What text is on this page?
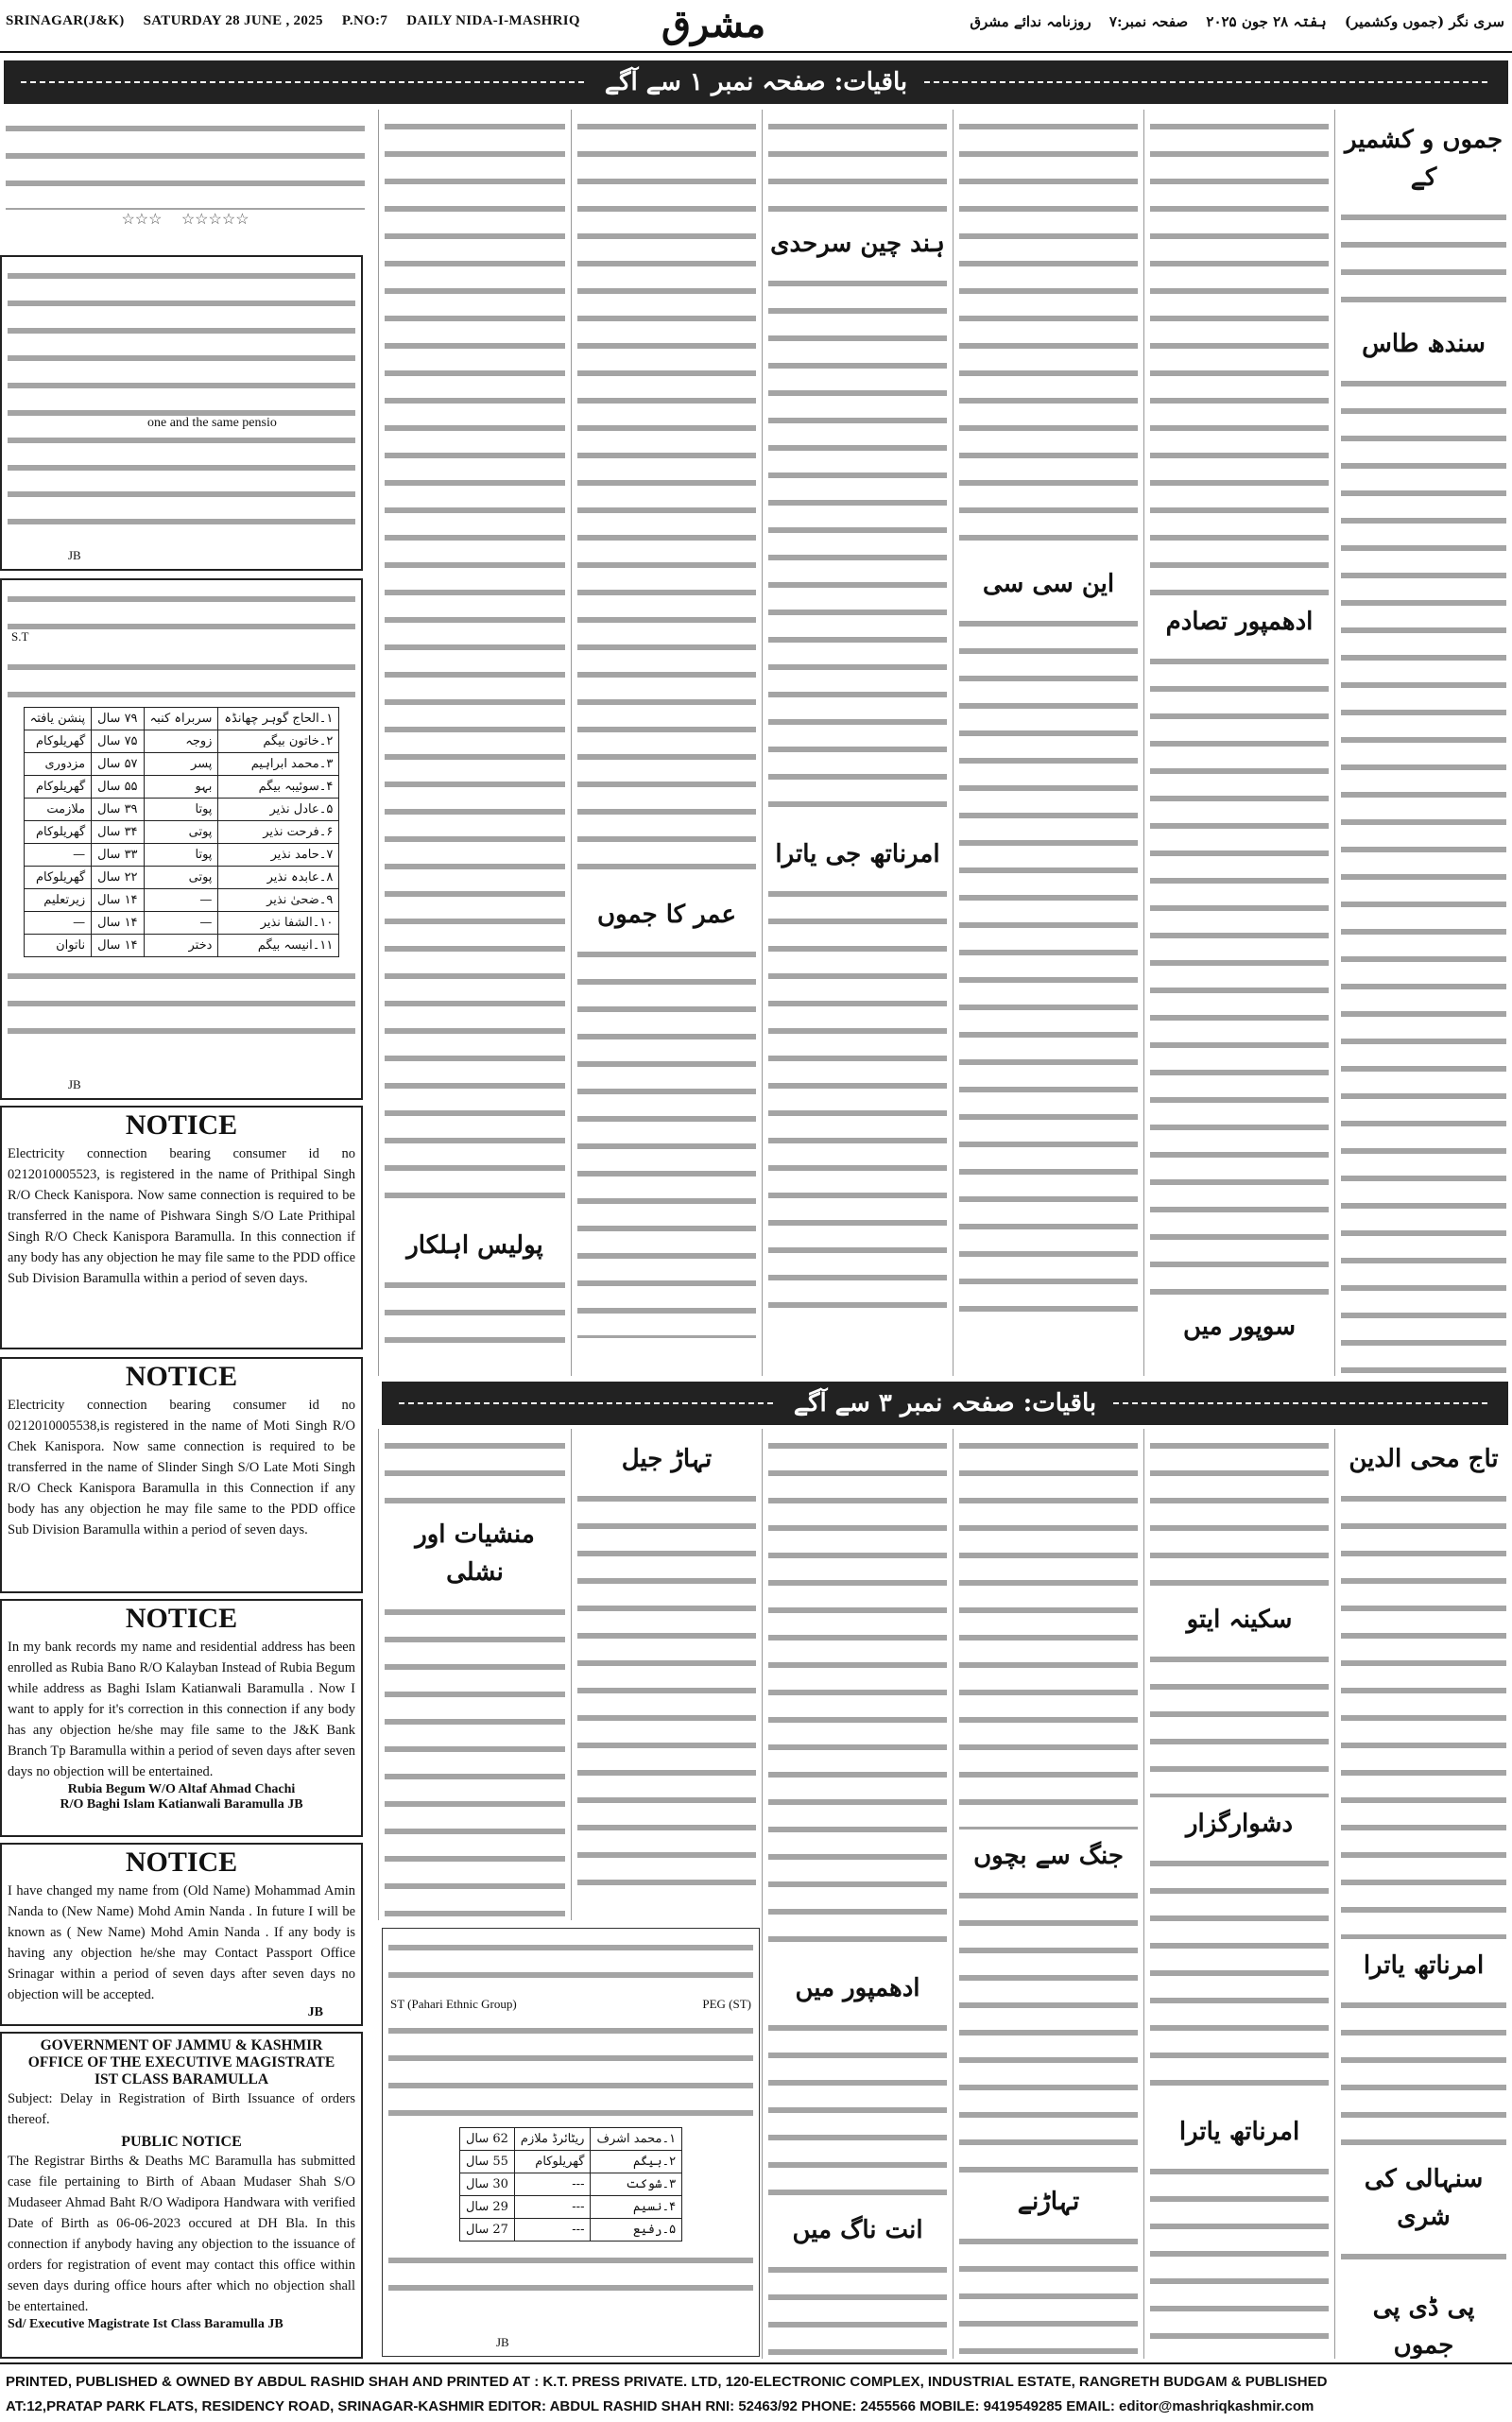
SRINAGAR(J&K) SATURDAY 28 JUNE , 2025 P.NO:7 DAILY NIDA-I-MASHRIQ	مشرق	سری نگر (جموں وکشمیر) ہفتہ ۲۸ جون ۲۰۲۵ صفحہ نمبر:۷ روزنامہ ندائے مشرق
باقیات: صفحہ نمبر ۱ سے آگے
☆☆☆☆☆    ☆☆☆
one and the same pensio
JB
S.T
۱۔الحاج گوہر چھانڈہ	سربراہ کنبہ	۷۹ سال	پنشن یافتہ
۲۔خاتون بیگم	زوجہ	۷۵ سال	گھریلوکام
۳۔محمد ابراہیم	پسر	۵۷ سال	مزدوری
۴۔سوئیبہ بیگم	بہو	۵۵ سال	گھریلوکام
۵۔عادل نذیر	پوتا	۳۹ سال	ملازمت
۶۔فرحت نذیر	پوتی	۳۴ سال	گھریلوکام
۷۔حامد نذیر	پوتا	۳۳ سال	—
۸۔عابدہ نذیر	پوتی	۲۲ سال	گھریلوکام
۹۔ضحیٰ نذیر	—	۱۴ سال	زیرتعلیم
۱۰۔الشفا نذیر	—	۱۴ سال	—
۱۱۔انیسہ بیگم	دختر	۱۴ سال	ناتوان
JB
NOTICE
Electricity connection bearing consumer id no 0212010005523, is registered in the name of Prithipal Singh R/O Check Kanispora. Now same connection is required to be transferred in the name of Pishwara Singh S/O Late Prithipal Singh R/O Check Kanispora Baramulla. In this connection if any body has any objection he may file same to the PDD office Sub Division Baramulla within a period of seven days.
NOTICE
Electricity connection bearing consumer id no 0212010005538,is registered in the name of Moti Singh R/O Chek Kanispora. Now same connection is required to be transferred in the name of Slinder Singh S/O Late Moti Singh R/O Check Kanispora Baramulla in this Connection if any body has any objection he may file same to the PDD office Sub Division Baramulla within a period of seven days.
NOTICE
In my bank records my name and residential address has been enrolled as Rubia Bano R/O Kalayban Instead of Rubia Begum while address as Baghi Islam Katianwali Baramulla . Now I want to apply for it's correction in this connection if any body has any objection he/she may file same to the J&K Bank Branch Tp Baramulla within a period of seven days after seven days no objection will be entertained.
Rubia Begum W/O Altaf Ahmad Chachi
R/O Baghi Islam Katianwali Baramulla JB
NOTICE
I have changed my name from (Old Name) Mohammad Amin Nanda to (New Name) Mohd Amin Nanda . In future I will be known as ( New Name) Mohd Amin Nanda . If any body is having any objection he/she may Contact Passport Office Srinagar within a period of seven days after seven days no objection will be accepted.
JB
GOVERNMENT OF JAMMU & KASHMIR
OFFICE OF THE EXECUTIVE MAGISTRATE
IST CLASS BARAMULLA
Subject: Delay in Registration of Birth Issuance of orders thereof.
PUBLIC NOTICE
The Registrar Births & Deaths MC Baramulla has submitted case file pertaining to Birth of Abaan Mudaser Shah S/O Mudaseer Ahmad Baht R/O Wadipora Handwara with verified Date of Birth as 06-06-2023 occured at DH Bla. In this connection if anybody having any objection to the issuance of orders for registration of event may contact this office within seven days during office hours after which no objection shall be entertained.
Sd/ Executive Magistrate Ist Class Baramulla JB
جموں و کشمیر کے
سندھ طاس
ادھمپور تصادم
سوپور میں
این سی سی
ہند چین سرحدی
امرناتھ جی یاترا
عمر کا جموں
پولیس اہلکار
باقیات: صفحہ نمبر ۳ سے آگے
تاج محی الدین
امرناتھ یاترا
سنہالی کی شری
پی ڈی پی جموں
سکینہ ایتو
دشوارگزار
امرناتھ یاترا
جنگ سے بچوں
تہاڑنے
ادھمپور میں
انت ناگ میں
تہاڑ جیل
منشیات اور نشلی
ST (Pahari Ethnic Group)	PEG (ST)
۱۔محمد اشرف	ریٹائرڈ ملازم	62 سال
۲۔بیگم	گھریلوکام	55 سال
۳۔شوکت	---	30 سال
۴۔نسیم	---	29 سال
۵۔رفیع	---	27 سال
JB
PRINTED, PUBLISHED & OWNED BY ABDUL RASHID SHAH AND PRINTED AT : K.T. PRESS PRIVATE. LTD, 120-ELECTRONIC COMPLEX, INDUSTRIAL ESTATE, RANGRETH BUDGAM & PUBLISHED
AT:12,PRATAP PARK FLATS, RESIDENCY ROAD, SRINAGAR-KASHMIR EDITOR: ABDUL RASHID SHAH RNI: 52463/92 PHONE: 2455566 MOBILE: 9419549285 EMAIL: editor@mashriqkashmir.com
